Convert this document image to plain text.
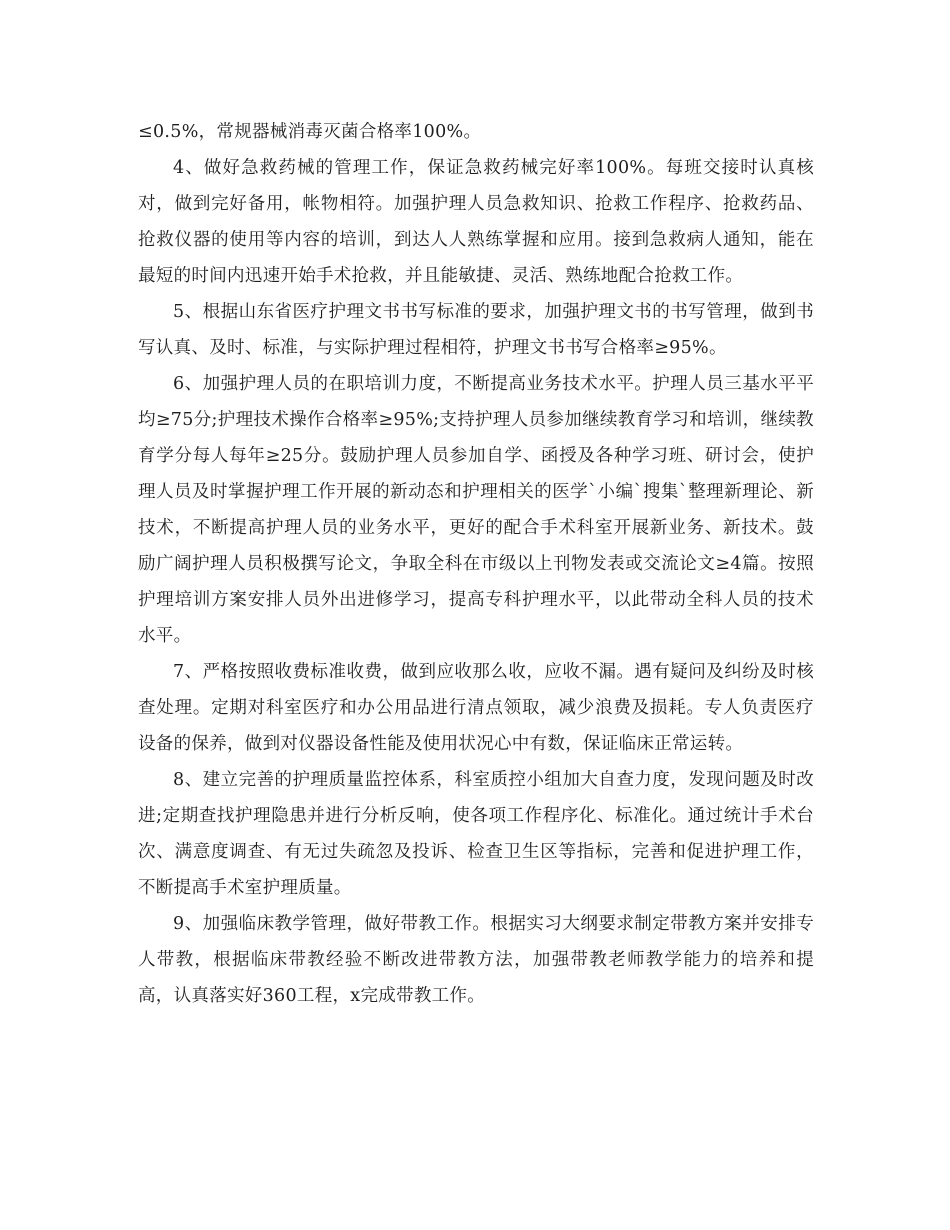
≤0.5%，常规器械消毒灭菌合格率100%。

4、做好急救药械的管理工作，保证急救药械完好率100%。每班交接时认真核对，做到完好备用，帐物相符。加强护理人员急救知识、抢救工作程序、抢救药品、抢救仪器的使用等内容的培训，到达人人熟练掌握和应用。接到急救病人通知，能在最短的时间内迅速开始手术抢救，并且能敏捷、灵活、熟练地配合抢救工作。

5、根据山东省医疗护理文书书写标准的要求，加强护理文书的书写管理，做到书写认真、及时、标准，与实际护理过程相符，护理文书书写合格率≥95%。

6、加强护理人员的在职培训力度，不断提高业务技术水平。护理人员三基水平平均≥75分;护理技术操作合格率≥95%;支持护理人员参加继续教育学习和培训，继续教育学分每人每年≥25分。鼓励护理人员参加自学、函授及各种学习班、研讨会，使护理人员及时掌握护理工作开展的新动态和护理相关的医学`小编`搜集`整理新理论、新技术，不断提高护理人员的业务水平，更好的配合手术科室开展新业务、新技术。鼓励广阔护理人员积极撰写论文，争取全科在市级以上刊物发表或交流论文≥4篇。按照护理培训方案安排人员外出进修学习，提高专科护理水平，以此带动全科人员的技术水平。

7、严格按照收费标准收费，做到应收那么收，应收不漏。遇有疑问及纠纷及时核查处理。定期对科室医疗和办公用品进行清点领取，减少浪费及损耗。专人负责医疗设备的保养，做到对仪器设备性能及使用状况心中有数，保证临床正常运转。

8、建立完善的护理质量监控体系，科室质控小组加大自查力度，发现问题及时改进;定期查找护理隐患并进行分析反响，使各项工作程序化、标准化。通过统计手术台次、满意度调查、有无过失疏忽及投诉、检查卫生区等指标，完善和促进护理工作，不断提高手术室护理质量。

9、加强临床教学管理，做好带教工作。根据实习大纲要求制定带教方案并安排专人带教，根据临床带教经验不断改进带教方法，加强带教老师教学能力的培养和提高，认真落实好360工程，x完成带教工作。
